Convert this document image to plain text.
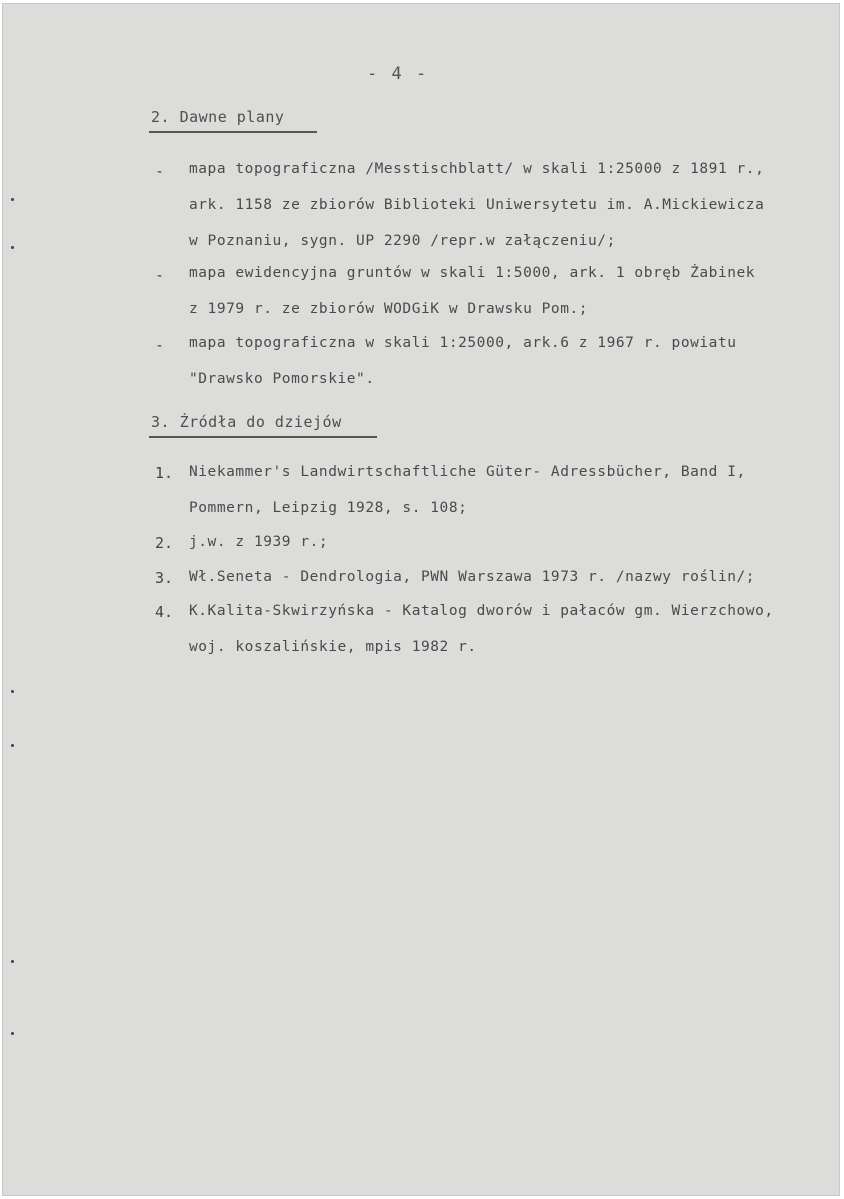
- 4 -
2. Dawne plany
- mapa topograficzna /Messtischblatt/ w skali 1:25000 z 1891 r.,
ark. 1158 ze zbiorów Biblioteki Uniwersytetu im. A.Mickiewicza
w Poznaniu, sygn. UP 2290 /repr.w załączeniu/;
- mapa ewidencyjna gruntów w skali 1:5000, ark. 1 obręb Żabinek
z 1979 r. ze zbiorów WODGiK w Drawsku Pom.;
- mapa topograficzna w skali 1:25000, ark.6 z 1967 r. powiatu
"Drawsko Pomorskie".
3. Źródła do dziejów
1. Niekammer's Landwirtschaftliche Güter- Adressbücher, Band I,
Pommern, Leipzig 1928, s. 108;
2. j.w. z 1939 r.;
3. Wł.Seneta - Dendrologia, PWN Warszawa 1973 r. /nazwy roślin/;
4. K.Kalita-Skwirzyńska - Katalog dworów i pałaców gm. Wierzchowo,
woj. koszalińskie, mpis 1982 r.
